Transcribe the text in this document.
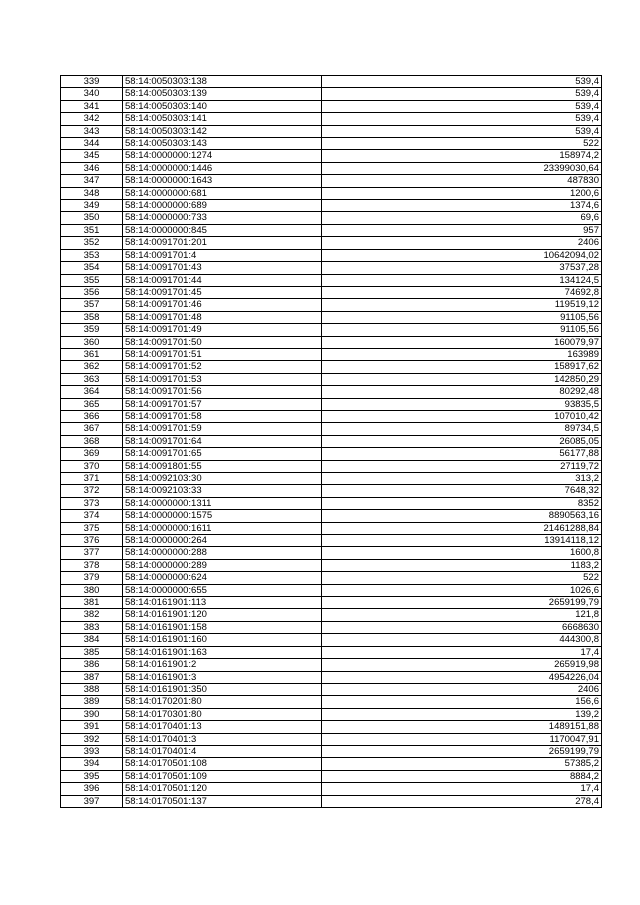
339	58:14:0050303:138	539,4
340	58:14:0050303:139	539,4
341	58:14:0050303:140	539,4
342	58:14:0050303:141	539,4
343	58:14:0050303:142	539,4
344	58:14:0050303:143	522
345	58:14:0000000:1274	158974,2
346	58:14:0000000:1446	23399030,64
347	58:14:0000000:1643	487830
348	58:14:0000000:681	1200,6
349	58:14:0000000:689	1374,6
350	58:14:0000000:733	69,6
351	58:14:0000000:845	957
352	58:14:0091701:201	2406
353	58:14:0091701:4	10642094,02
354	58:14:0091701:43	37537,28
355	58:14:0091701:44	134124,5
356	58:14:0091701:45	74692,8
357	58:14:0091701:46	119519,12
358	58:14:0091701:48	91105,56
359	58:14:0091701:49	91105,56
360	58:14:0091701:50	160079,97
361	58:14:0091701:51	163989
362	58:14:0091701:52	158917,62
363	58:14:0091701:53	142850,29
364	58:14:0091701:56	80292,48
365	58:14:0091701:57	93835,5
366	58:14:0091701:58	107010,42
367	58:14:0091701:59	89734,5
368	58:14:0091701:64	26085,05
369	58:14:0091701:65	56177,88
370	58:14:0091801:55	27119,72
371	58:14:0092103:30	313,2
372	58:14:0092103:33	7648,32
373	58:14:0000000:1311	8352
374	58:14:0000000:1575	8890563,16
375	58:14:0000000:1611	21461288,84
376	58:14:0000000:264	13914118,12
377	58:14:0000000:288	1600,8
378	58:14:0000000:289	1183,2
379	58:14:0000000:624	522
380	58:14:0000000:655	1026,6
381	58:14:0161901:113	2659199,79
382	58:14:0161901:120	121,8
383	58:14:0161901:158	6668630
384	58:14:0161901:160	444300,8
385	58:14:0161901:163	17,4
386	58:14:0161901:2	265919,98
387	58:14:0161901:3	4954226,04
388	58:14:0161901:350	2406
389	58:14:0170201:80	156,6
390	58:14:0170301:80	139,2
391	58:14:0170401:13	1489151,88
392	58:14:0170401:3	1170047,91
393	58:14:0170401:4	2659199,79
394	58:14:0170501:108	57385,2
395	58:14:0170501:109	8884,2
396	58:14:0170501:120	17,4
397	58:14:0170501:137	278,4
